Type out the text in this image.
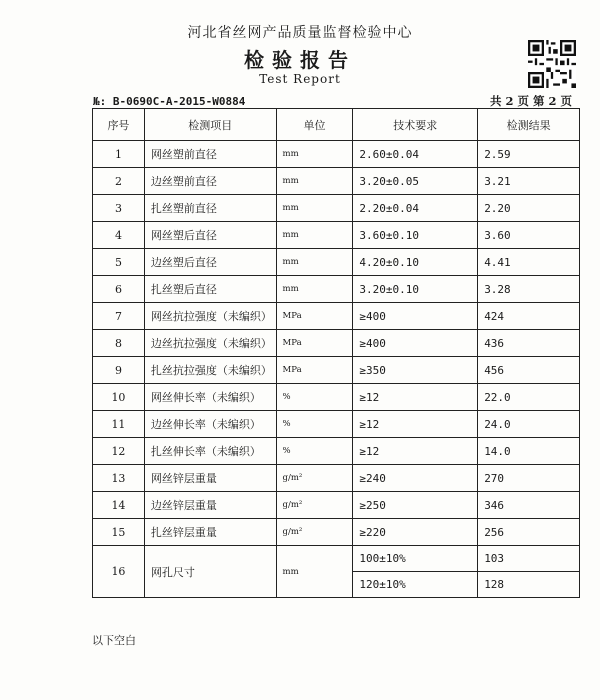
河北省丝网产品质量监督检验中心
检验报告
Test Report
№: B-0690C-A-2015-W0884	共 2 页 第 2 页
序号	检测项目	单位	技术要求	检测结果
1	网丝塑前直径	mm	2.60±0.04	2.59
2	边丝塑前直径	mm	3.20±0.05	3.21
3	扎丝塑前直径	mm	2.20±0.04	2.20
4	网丝塑后直径	mm	3.60±0.10	3.60
5	边丝塑后直径	mm	4.20±0.10	4.41
6	扎丝塑后直径	mm	3.20±0.10	3.28
7	网丝抗拉强度（未编织）	MPa	≥400	424
8	边丝抗拉强度（未编织）	MPa	≥400	436
9	扎丝抗拉强度（未编织）	MPa	≥350	456
10	网丝伸长率（未编织）	%	≥12	22.0
11	边丝伸长率（未编织）	%	≥12	24.0
12	扎丝伸长率（未编织）	%	≥12	14.0
13	网丝锌层重量	g/m²	≥240	270
14	边丝锌层重量	g/m²	≥250	346
15	扎丝锌层重量	g/m²	≥220	256
16	网孔尺寸	mm	100±10%	103
			120±10%	128
以下空白
